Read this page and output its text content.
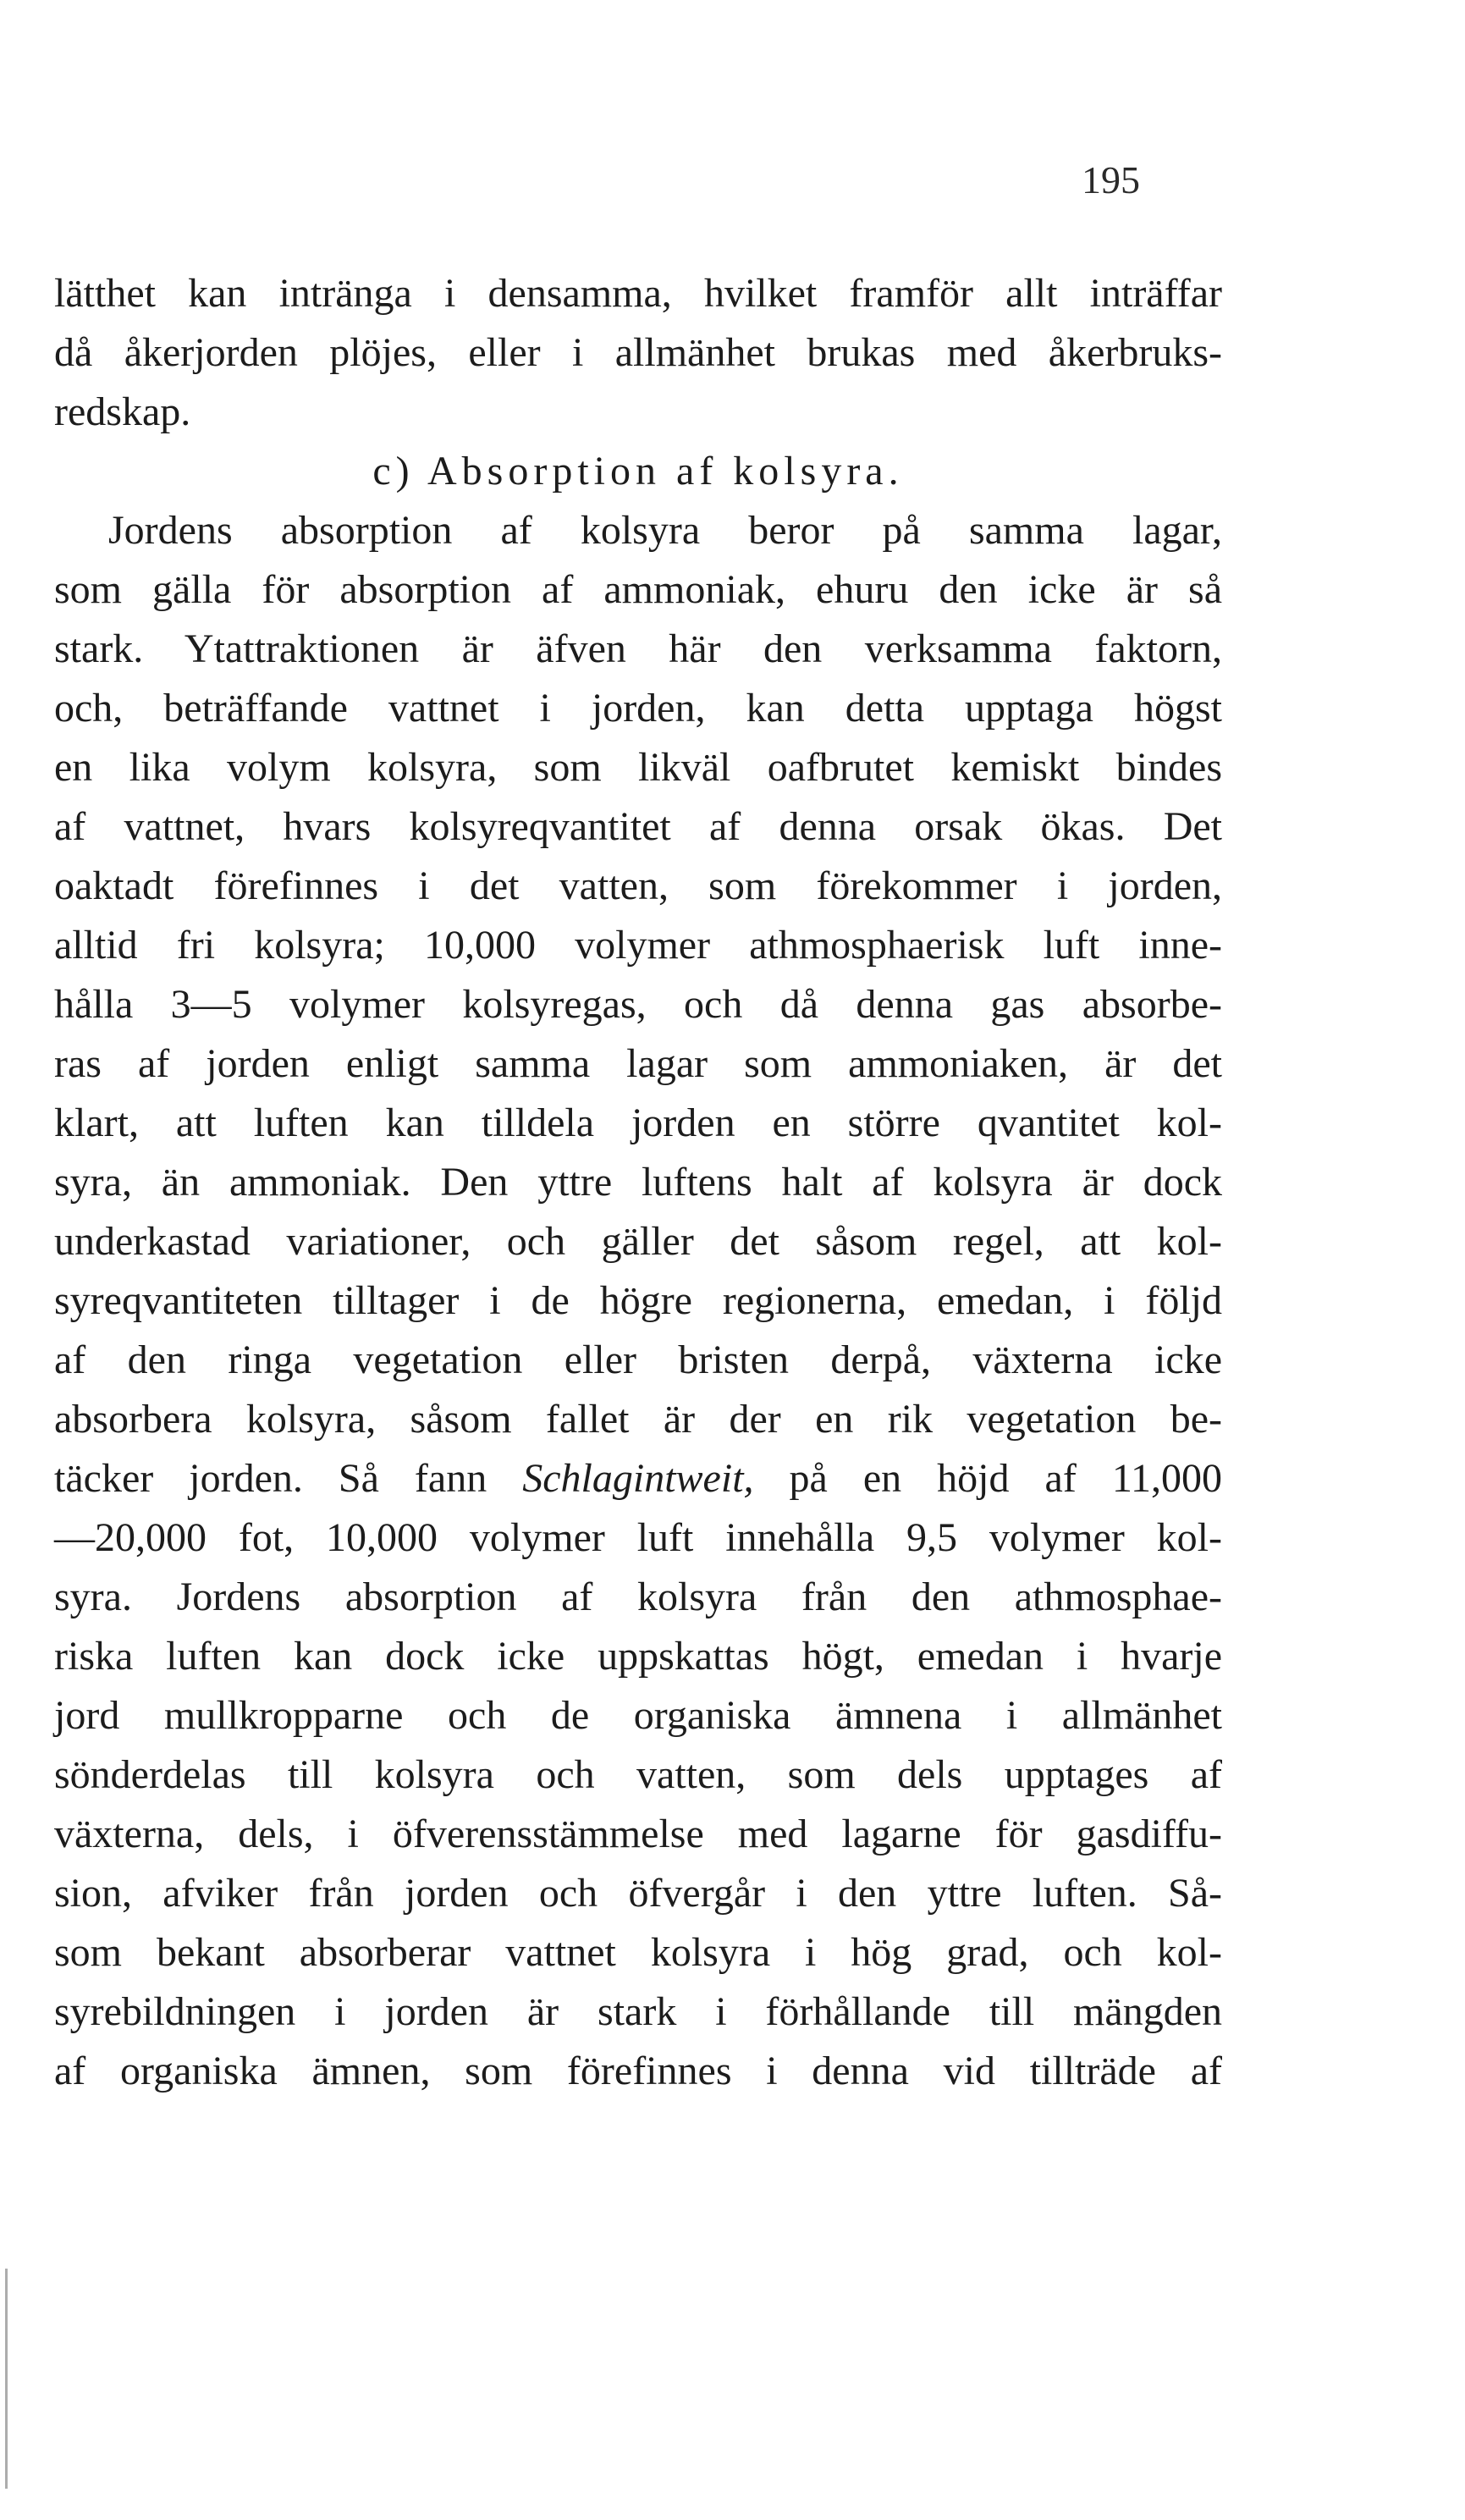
195
lätthet kan intränga i densamma, hvilket framför allt inträffar
då åkerjorden plöjes, eller i allmänhet brukas med åkerbruks-
redskap.
c) Absorption af kolsyra.
Jordens absorption af kolsyra beror på samma lagar,
som gälla för absorption af ammoniak, ehuru den icke är så
stark. Ytattraktionen är äfven här den verksamma faktorn,
och, beträffande vattnet i jorden, kan detta upptaga högst
en lika volym kolsyra, som likväl oafbrutet kemiskt bindes
af vattnet, hvars kolsyreqvantitet af denna orsak ökas. Det
oaktadt förefinnes i det vatten, som förekommer i jorden,
alltid fri kolsyra; 10,000 volymer athmosphaerisk luft inne-
hålla 3—5 volymer kolsyregas, och då denna gas absorbe-
ras af jorden enligt samma lagar som ammoniaken, är det
klart, att luften kan tilldela jorden en större qvantitet kol-
syra, än ammoniak. Den yttre luftens halt af kolsyra är dock
underkastad variationer, och gäller det såsom regel, att kol-
syreqvantiteten tilltager i de högre regionerna, emedan, i följd
af den ringa vegetation eller bristen derpå, växterna icke
absorbera kolsyra, såsom fallet är der en rik vegetation be-
täcker jorden. Så fann Schlagintweit, på en höjd af 11,000
—20,000 fot, 10,000 volymer luft innehålla 9,5 volymer kol-
syra. Jordens absorption af kolsyra från den athmosphae-
riska luften kan dock icke uppskattas högt, emedan i hvarje
jord mullkropparne och de organiska ämnena i allmänhet
sönderdelas till kolsyra och vatten, som dels upptages af
växterna, dels, i öfverensstämmelse med lagarne för gasdiffu-
sion, afviker från jorden och öfvergår i den yttre luften. Så-
som bekant absorberar vattnet kolsyra i hög grad, och kol-
syrebildningen i jorden är stark i förhållande till mängden
af organiska ämnen, som förefinnes i denna vid tillträde af
